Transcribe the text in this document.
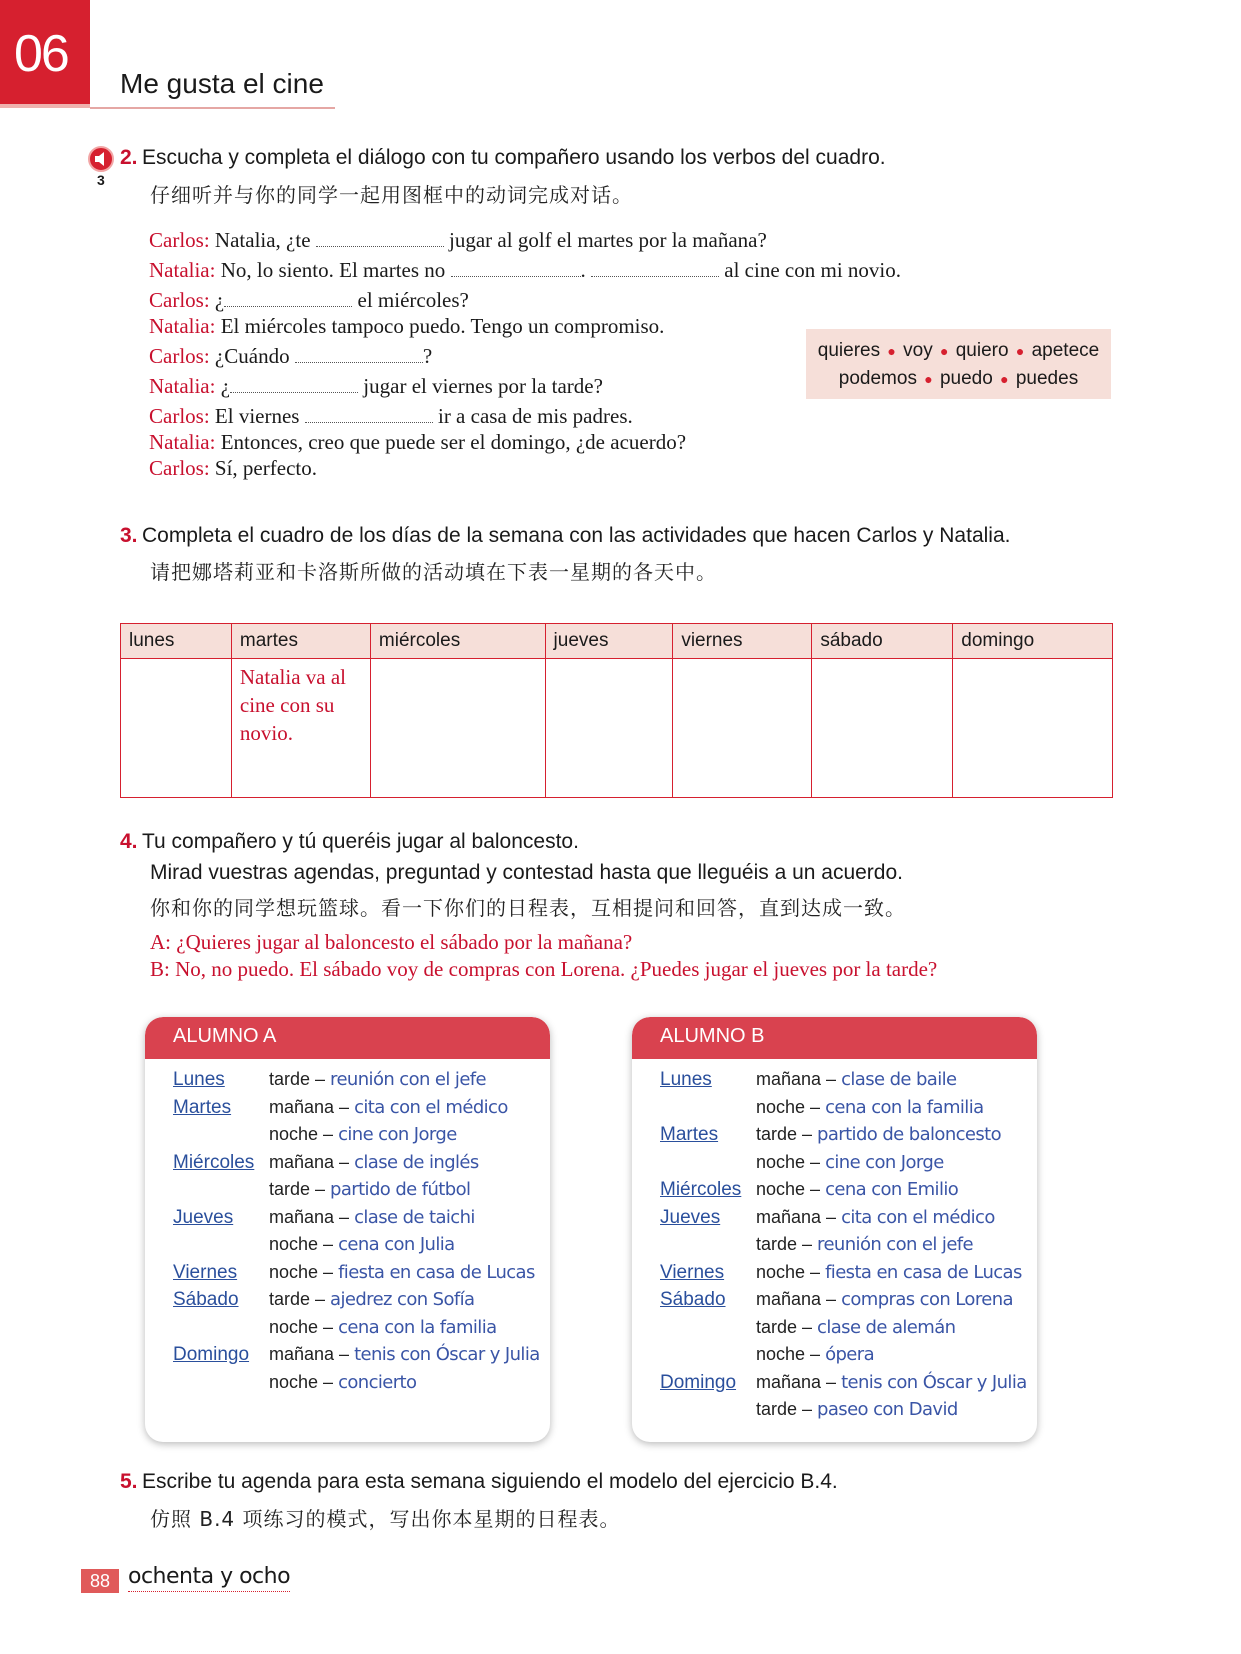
06
Me gusta el cine
3
2. Escucha y completa el diálogo con tu compañero usando los verbos del cuadro.
仔细听并与你的同学一起用图框中的动词完成对话。
Carlos: Natalia, ¿te	jugar al golf el martes por la mañana?
Natalia: No, lo siento. El martes no	.	al cine con mi novio.
Carlos: ¿	el miércoles?
Natalia: El miércoles tampoco puedo. Tengo un compromiso.
Carlos: ¿Cuándo	?
Natalia: ¿	jugar el viernes por la tarde?
Carlos: El viernes	ir a casa de mis padres.
Natalia: Entonces, creo que puede ser el domingo, ¿de acuerdo?
Carlos: Sí, perfecto.
quieres ● voy ● quiero ● apetece
podemos ● puedo ● puedes
3. Completa el cuadro de los días de la semana con las actividades que hacen Carlos y Natalia.
请把娜塔莉亚和卡洛斯所做的活动填在下表一星期的各天中。
lunes	martes	miércoles	jueves	viernes	sábado	domingo
	Natalia va al cine con su novio.					
4. Tu compañero y tú queréis jugar al baloncesto.
Mirad vuestras agendas, preguntad y contestad hasta que lleguéis a un acuerdo.
你和你的同学想玩篮球。看一下你们的日程表，互相提问和回答，直到达成一致。
A: ¿Quieres jugar al baloncesto el sábado por la mañana?
B: No, no puedo. El sábado voy de compras con Lorena. ¿Puedes jugar el jueves por la tarde?
ALUMNO A
Lunes tarde – reunión con el jefe
Martes mañana – cita con el médico
noche – cine con Jorge
Miércoles mañana – clase de inglés
tarde – partido de fútbol
Jueves mañana – clase de taichi
noche – cena con Julia
Viernes noche – fiesta en casa de Lucas
Sábado tarde – ajedrez con Sofía
noche – cena con la familia
Domingo mañana – tenis con Óscar y Julia
noche – concierto
ALUMNO B
Lunes mañana – clase de baile
noche – cena con la familia
Martes tarde – partido de baloncesto
noche – cine con Jorge
Miércoles noche – cena con Emilio
Jueves mañana – cita con el médico
tarde – reunión con el jefe
Viernes noche – fiesta en casa de Lucas
Sábado mañana – compras con Lorena
tarde – clase de alemán
noche – ópera
Domingo mañana – tenis con Óscar y Julia
tarde – paseo con David
5. Escribe tu agenda para esta semana siguiendo el modelo del ejercicio B.4.
仿照 B.4 项练习的模式，写出你本星期的日程表。
88 ochenta y ocho
